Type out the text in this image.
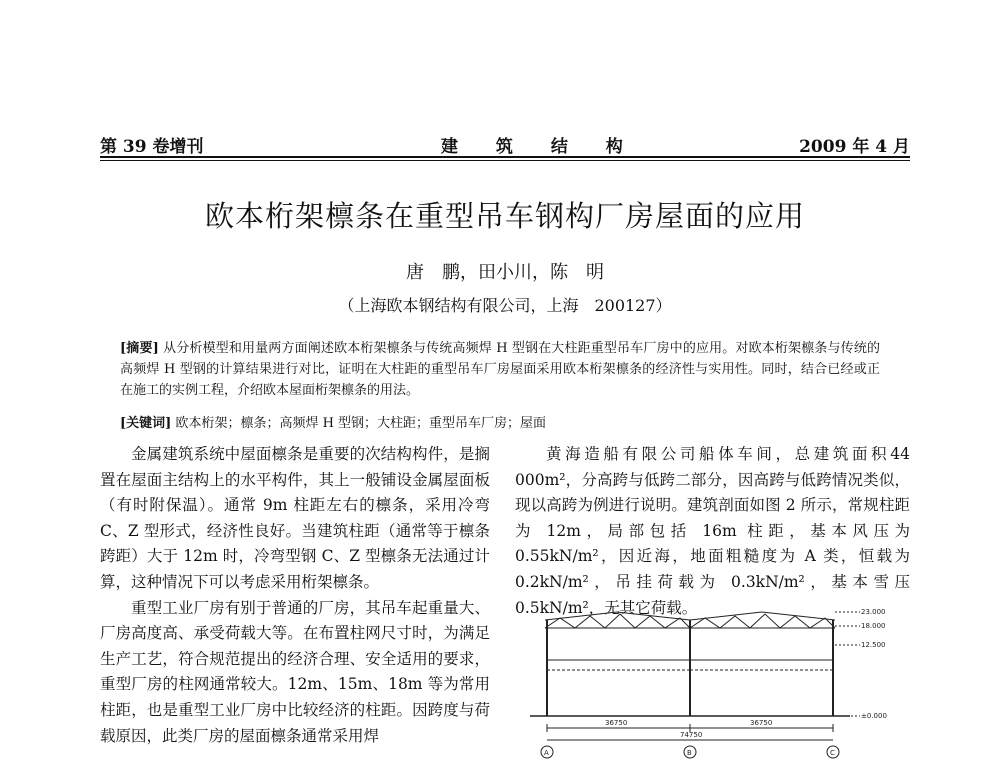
第 39 卷增刊	建 筑 结 构	2009 年 4 月
欧本桁架檩条在重型吊车钢构厂房屋面的应用
唐　鹏，田小川，陈　明
（上海欧本钢结构有限公司，上海　200127）
[摘要] 从分析模型和用量两方面阐述欧本桁架檩条与传统高频焊 H 型钢在大柱距重型吊车厂房中的应用。对欧本桁架檩条与传统的高频焊 H 型钢的计算结果进行对比，证明在大柱距的重型吊车厂房屋面采用欧本桁架檩条的经济性与实用性。同时，结合已经或正在施工的实例工程，介绍欧本屋面桁架檩条的用法。
[关键词] 欧本桁架；檩条；高频焊 H 型钢；大柱距；重型吊车厂房；屋面

金属建筑系统中屋面檩条是重要的次结构构件，是搁置在屋面主结构上的水平构件，其上一般铺设金属屋面板（有时附保温）。通常 9m 柱距左右的檩条，采用冷弯 C、Z 型形式，经济性良好。当建筑柱距（通常等于檩条跨距）大于 12m 时，冷弯型钢 C、Z 型檩条无法通过计算，这种情况下可以考虑采用桁架檩条。

重型工业厂房有别于普通的厂房，其吊车起重量大、厂房高度高、承受荷载大等。在布置柱网尺寸时，为满足生产工艺，符合规范提出的经济合理、安全适用的要求，重型厂房的柱网通常较大。12m、15m、18m 等为常用柱距，也是重型工业厂房中比较经济的柱距。因跨度与荷载原因，此类厂房的屋面檩条通常采用焊

黄海造船有限公司船体车间，总建筑面积44 000m²，分高跨与低跨二部分，因高跨与低跨情况类似，现以高跨为例进行说明。建筑剖面如图 2 所示，常规柱距为 12m，局部包括 16m 柱距，基本风压为0.55kN/m²，因近海，地面粗糙度为 A 类，恒载为0.2kN/m²，吊挂荷载为 0.3kN/m²，基本雪压 0.5kN/m²，无其它荷载。	23.000
18.000
12.500
±0.000
36750
74750
36750
A	B	C
